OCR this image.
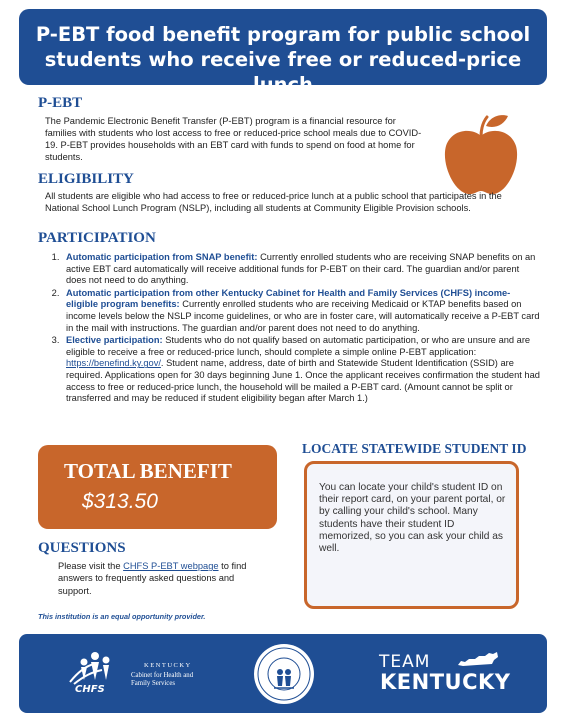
P-EBT food benefit program for public school
students who receive free or reduced-price lunch
P-EBT
The Pandemic Electronic Benefit Transfer (P-EBT) program is a financial resource for families with students who lost access to free or reduced-price school meals due to COVID-19. P-EBT provides households with an EBT card with funds to spend on food at home for students.
ELIGIBILITY
All students are eligible who had access to free or reduced-price lunch at a public school that participates in the National School Lunch Program (NSLP), including all students at Community Eligible Provision schools.
PARTICIPATION
1. Automatic participation from SNAP benefit: Currently enrolled students who are receiving SNAP benefits on an active EBT card automatically will receive additional funds for P-EBT on their card. The guardian and/or parent does not need to do anything.
2. Automatic participation from other Kentucky Cabinet for Health and Family Services (CHFS) income-eligible program benefits: Currently enrolled students who are receiving Medicaid or KTAP benefits based on income levels below the NSLP income guidelines, or who are in foster care, will automatically receive a P-EBT card in the mail with instructions. The guardian and/or parent does not need to do anything.
3. Elective participation: Students who do not qualify based on automatic participation, or who are unsure and are eligible to receive a free or reduced-price lunch, should complete a simple online P-EBT application: https://benefind.ky.gov/. Student name, address, date of birth and Statewide Student Identification (SSID) are required. Applications open for 30 days beginning June 1. Once the applicant receives confirmation the student had access to free or reduced-price lunch, the household will be mailed a P-EBT card. (Amount cannot be split or transferred and may be reduced if student eligibility began after March 1.)
TOTAL BENEFIT
$313.50
QUESTIONS
Please visit the CHFS P-EBT webpage to find answers to frequently asked questions and support.
LOCATE STATEWIDE STUDENT ID
You can locate your child's student ID on their report card, on your parent portal, or by calling your child's school. Many students have their student ID memorized, so you can ask your child as well.
This institution is an equal opportunity provider.
CHFS
KENTUCKY
Cabinet for Health and
Family Services
TEAM
KENTUCKY
